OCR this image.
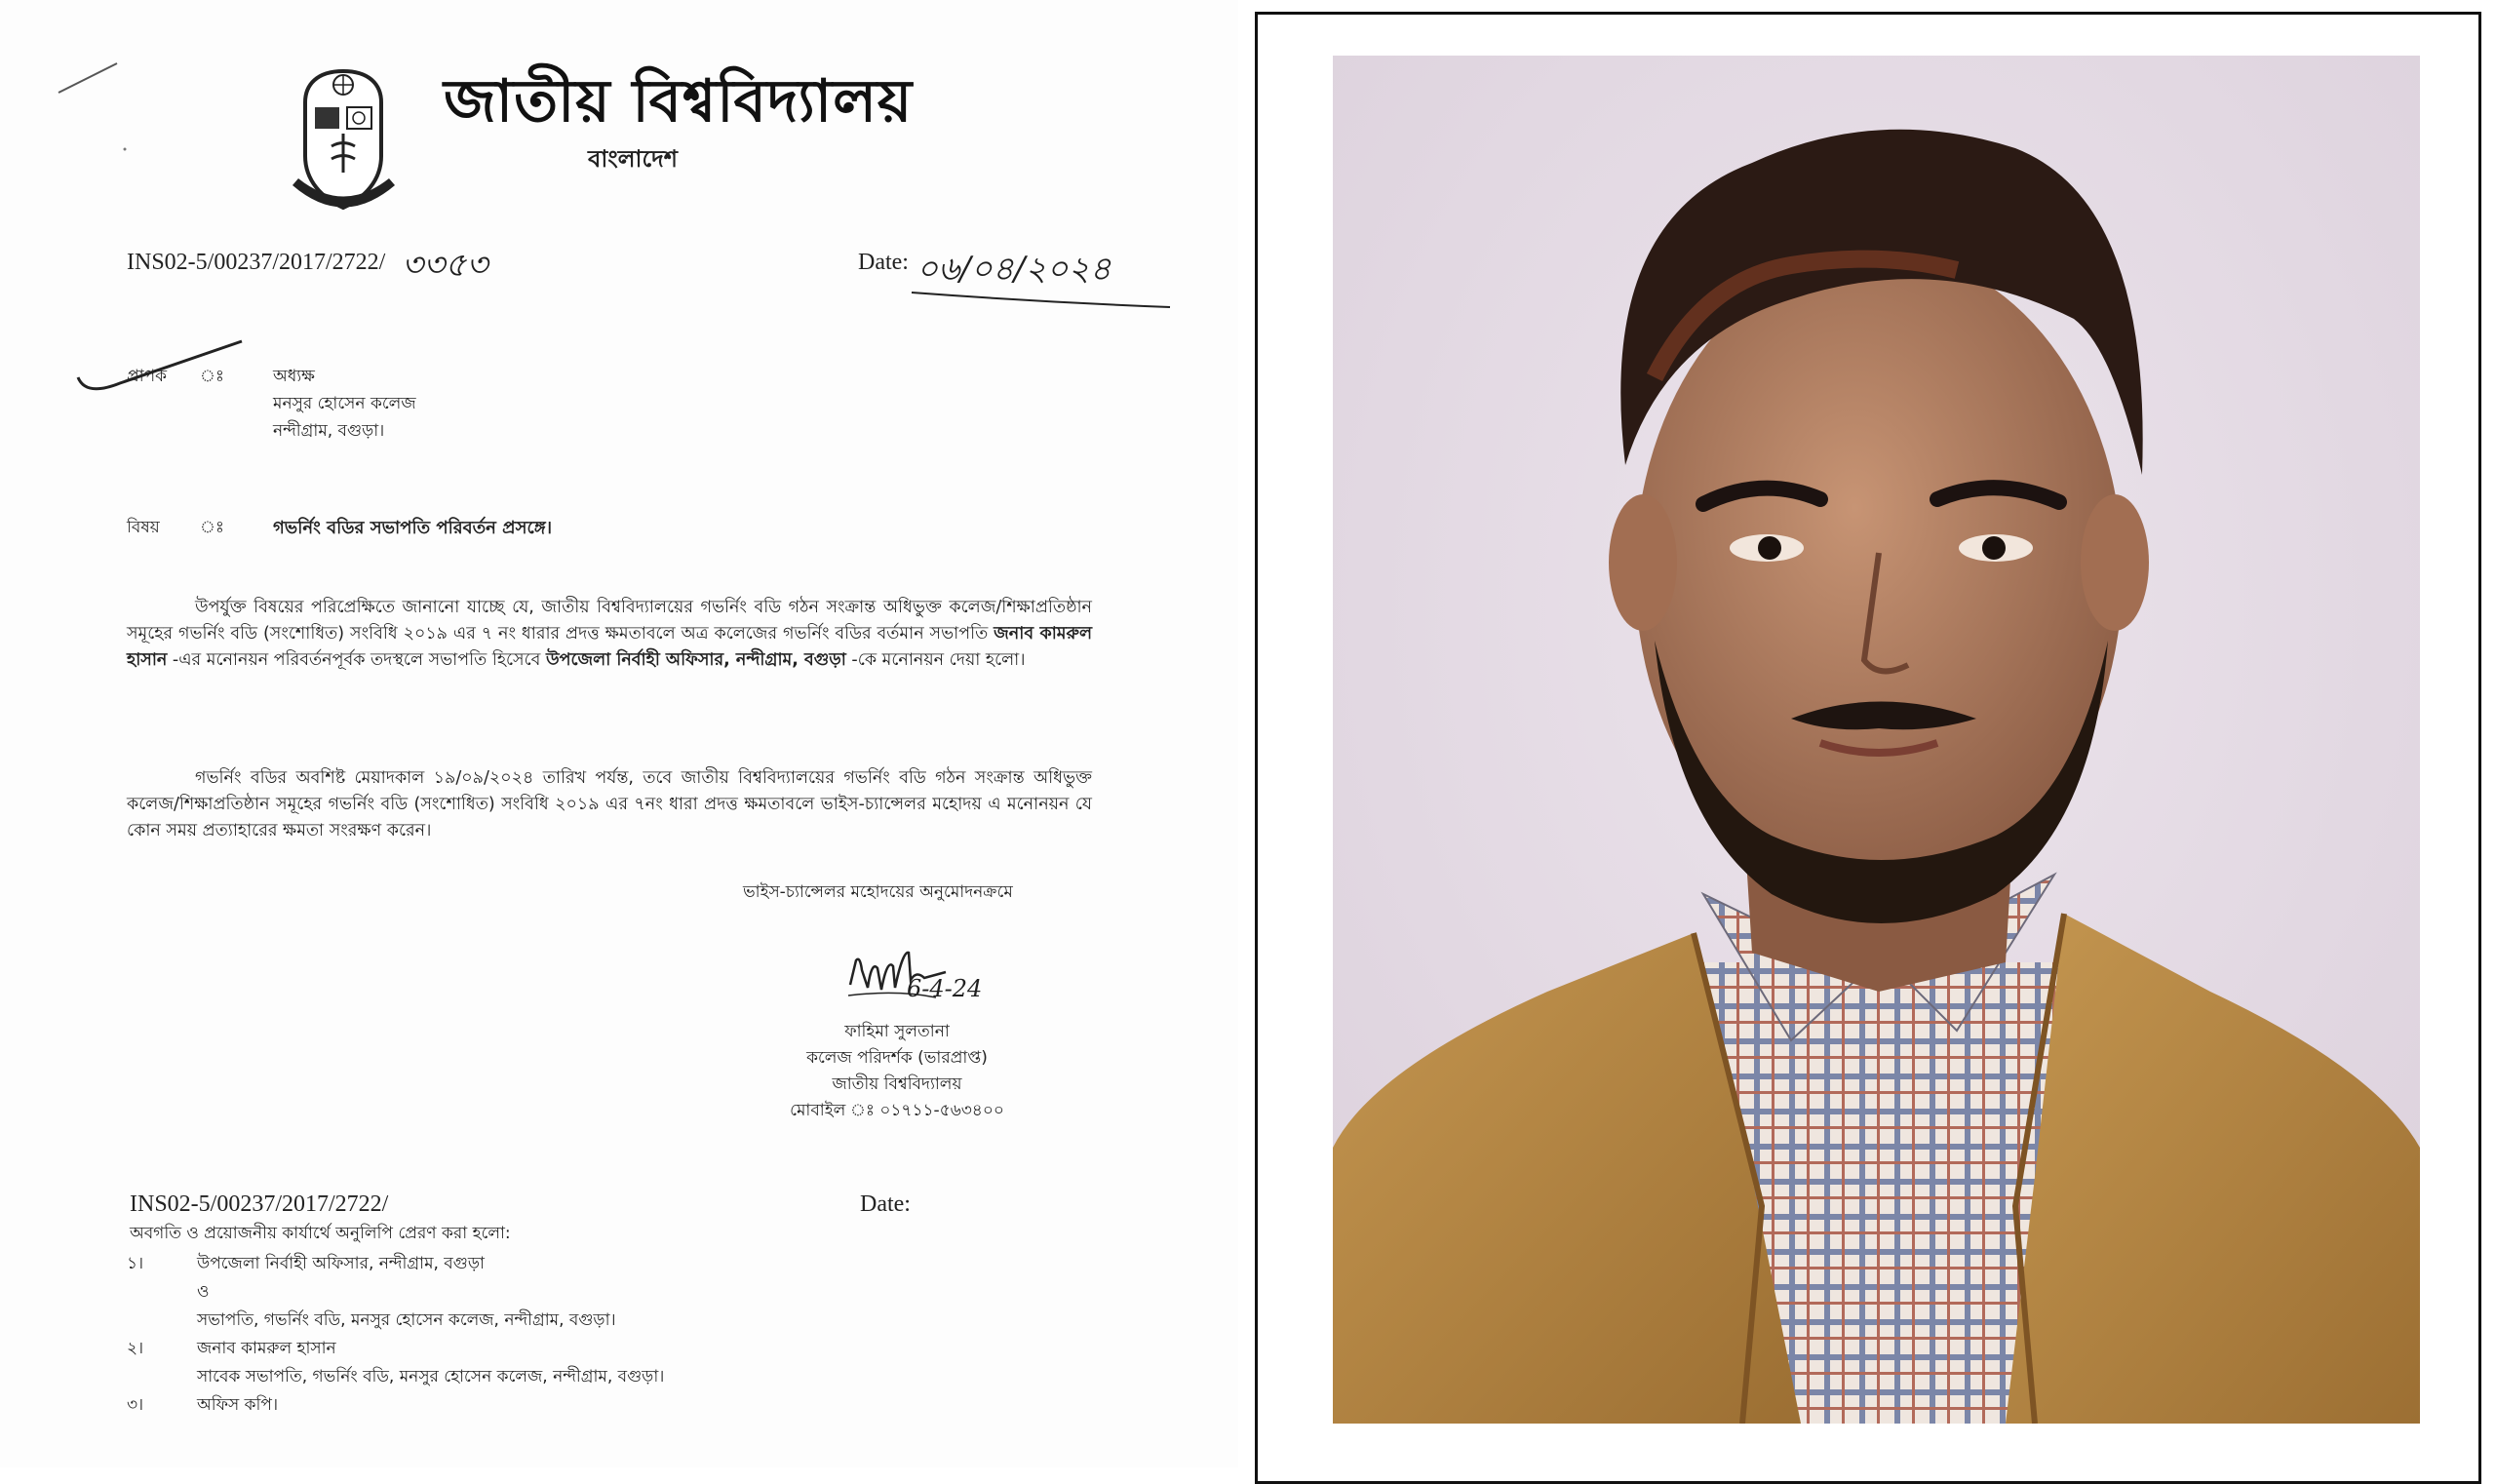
জাতীয় বিশ্ববিদ্যালয়
বাংলাদেশ
INS02-5/00237/2017/2722/ ৩৩৫৩	Date: ০৬/০৪/২০২৪
প্রাপক ঃ	অধ্যক্ষ
মনসুর হোসেন কলেজ
নন্দীগ্রাম, বগুড়া।
বিষয় ঃ	গভর্নিং বডির সভাপতি পরিবর্তন প্রসঙ্গে।
উপর্যুক্ত বিষয়ের পরিপ্রেক্ষিতে জানানো যাচ্ছে যে, জাতীয় বিশ্ববিদ্যালয়ের গভর্নিং বডি গঠন সংক্রান্ত অধিভুক্ত কলেজ/শিক্ষাপ্রতিষ্ঠান সমূহের গভর্নিং বডি (সংশোধিত) সংবিধি ২০১৯ এর ৭ নং ধারার প্রদত্ত ক্ষমতাবলে অত্র কলেজের গভর্নিং বডির বর্তমান সভাপতি জনাব কামরুল হাসান -এর মনোনয়ন পরিবর্তনপূর্বক তদস্থলে সভাপতি হিসেবে উপজেলা নির্বাহী অফিসার, নন্দীগ্রাম, বগুড়া -কে মনোনয়ন দেয়া হলো।
গভর্নিং বডির অবশিষ্ট মেয়াদকাল ১৯/০৯/২০২৪ তারিখ পর্যন্ত, তবে জাতীয় বিশ্ববিদ্যালয়ের গভর্নিং বডি গঠন সংক্রান্ত অধিভুক্ত কলেজ/শিক্ষাপ্রতিষ্ঠান সমূহের গভর্নিং বডি (সংশোধিত) সংবিধি ২০১৯ এর ৭নং ধারা প্রদত্ত ক্ষমতাবলে ভাইস-চ্যান্সেলর মহোদয় এ মনোনয়ন যে কোন সময় প্রত্যাহারের ক্ষমতা সংরক্ষণ করেন।
ভাইস-চ্যান্সেলর মহোদয়ের অনুমোদনক্রমে
6-4-24
ফাহিমা সুলতানা
কলেজ পরিদর্শক (ভারপ্রাপ্ত)
জাতীয় বিশ্ববিদ্যালয়
মোবাইল ঃ ০১৭১১-৫৬৩৪০০
INS02-5/00237/2017/2722/	Date:
অবগতি ও প্রয়োজনীয় কার্যার্থে অনুলিপি প্রেরণ করা হলো:
১।	উপজেলা নির্বাহী অফিসার, নন্দীগ্রাম, বগুড়া
ও
সভাপতি, গভর্নিং বডি, মনসুর হোসেন কলেজ, নন্দীগ্রাম, বগুড়া।
২।	জনাব কামরুল হাসান
সাবেক সভাপতি, গভর্নিং বডি, মনসুর হোসেন কলেজ, নন্দীগ্রাম, বগুড়া।
৩।	অফিস কপি।
